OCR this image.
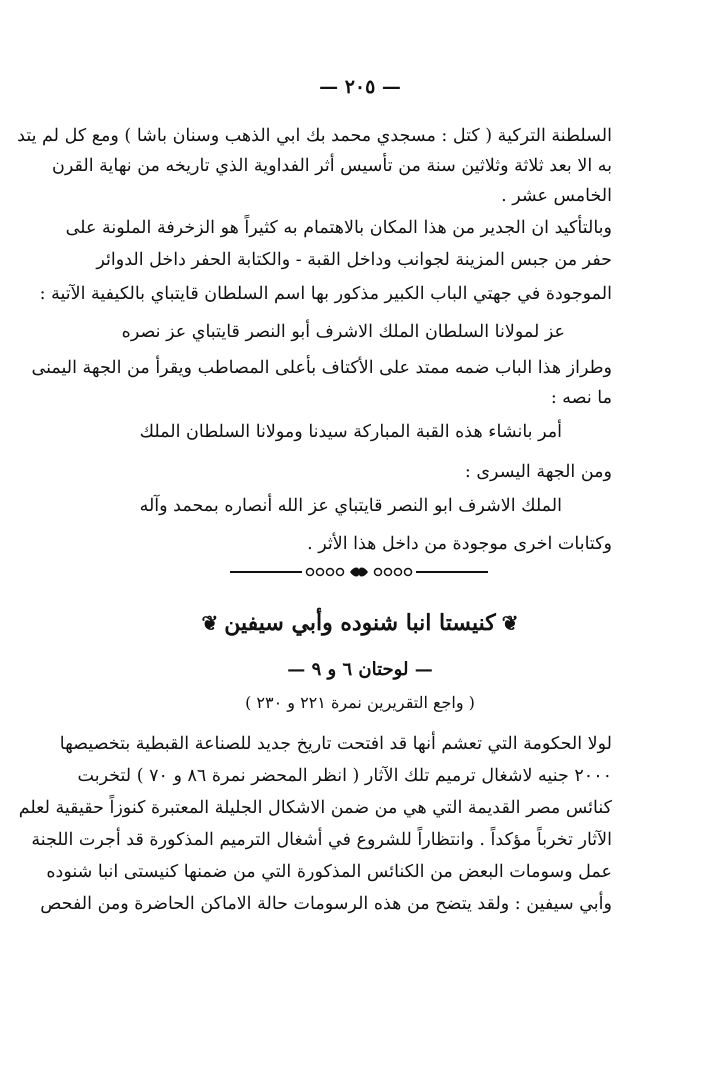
— ٢٠٥ —
السلطنة التركية ( كتل : مسجدي محمد بك ابي الذهب وسنان باشا ) ومع كل لم يتد
به الا بعد ثلاثة وثلاثين سنة من تأسيس أثر الفداوية الذي تاريخه من نهاية القرن
الخامس عشر .
وبالتأكيد ان الجدير من هذا المكان بالاهتمام به كثيراً هو الزخرفة الملونة على
حفر من جبس المزينة لجوانب وداخل القبة - والكتابة الحفر داخل الدوائر
الموجودة في جهتي الباب الكبير مذكور بها اسم السلطان قايتباي بالكيفية الآتية :
عز لمولانا السلطان الملك الاشرف أبو النصر قايتباي عز نصره
وطراز هذا الباب ضمه ممتد على الأكتاف بأعلى المصاطب ويقرأ من الجهة اليمنى
ما نصه :
أمر بانشاء هذه القبة المباركة سيدنا ومولانا السلطان الملك
ومن الجهة اليسرى :
الملك الاشرف ابو النصر قايتباي عز الله أنصاره بمحمد وآله
وكتابات اخرى موجودة من داخل هذا الأثر .
❦كنيستا انبا شنوده وأبي سيفين❦
— لوحتان ٦ و ٩ —
( واجع التقريرين نمرة ٢٢١ و ٢٣٠ )
لولا الحكومة التي تعشم أنها قد افتحت تاريخ جديد للصناعة القبطية بتخصيصها
٢٠٠٠ جنيه لاشغال ترميم تلك الآثار ( انظر المحضر نمرة ٨٦ و ٧٠ ) لتخربت
كنائس مصر القديمة التي هي من ضمن الاشكال الجليلة المعتبرة كنوزاً حقيقية لعلم
الآثار تخرباً مؤكداً . وانتظاراً للشروع في أشغال الترميم المذكورة قد أجرت اللجنة
عمل وسومات البعض من الكنائس المذكورة التي من ضمنها كنيستى انبا شنوده
وأبي سيفين : ولقد يتضح من هذه الرسومات حالة الاماكن الحاضرة ومن الفحص
